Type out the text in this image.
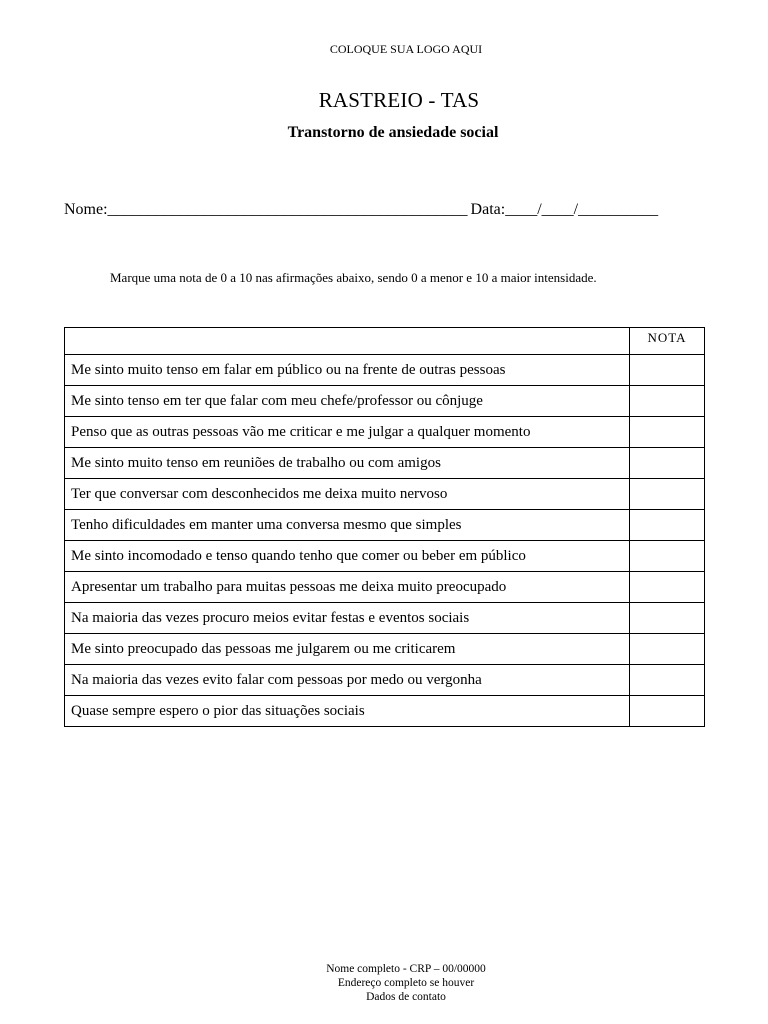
COLOQUE SUA LOGO AQUI
RASTREIO - TAS
Transtorno de ansiedade social
Nome:_____________________________________________ Data:____/____/__________
Marque uma nota de 0 a 10 nas afirmações abaixo, sendo 0 a menor e 10 a maior intensidade.
	NOTA
Me sinto muito tenso em falar em público ou na frente de outras pessoas	
Me sinto tenso em ter que falar com meu chefe/professor ou cônjuge	
Penso que as outras pessoas vão me criticar e me julgar a qualquer momento	
Me sinto muito tenso em reuniões de trabalho ou com amigos	
Ter que conversar com desconhecidos me deixa muito nervoso	
Tenho dificuldades em manter uma conversa mesmo que simples	
Me sinto incomodado e tenso quando tenho que comer ou beber em público	
Apresentar um trabalho para muitas pessoas me deixa muito preocupado	
Na maioria das vezes procuro meios evitar festas e eventos sociais	
Me sinto preocupado das pessoas me julgarem ou me criticarem	
Na maioria das vezes evito falar com pessoas por medo ou vergonha	
Quase sempre espero o pior das situações sociais	
Nome completo - CRP – 00/00000
Endereço completo se houver
Dados de contato
